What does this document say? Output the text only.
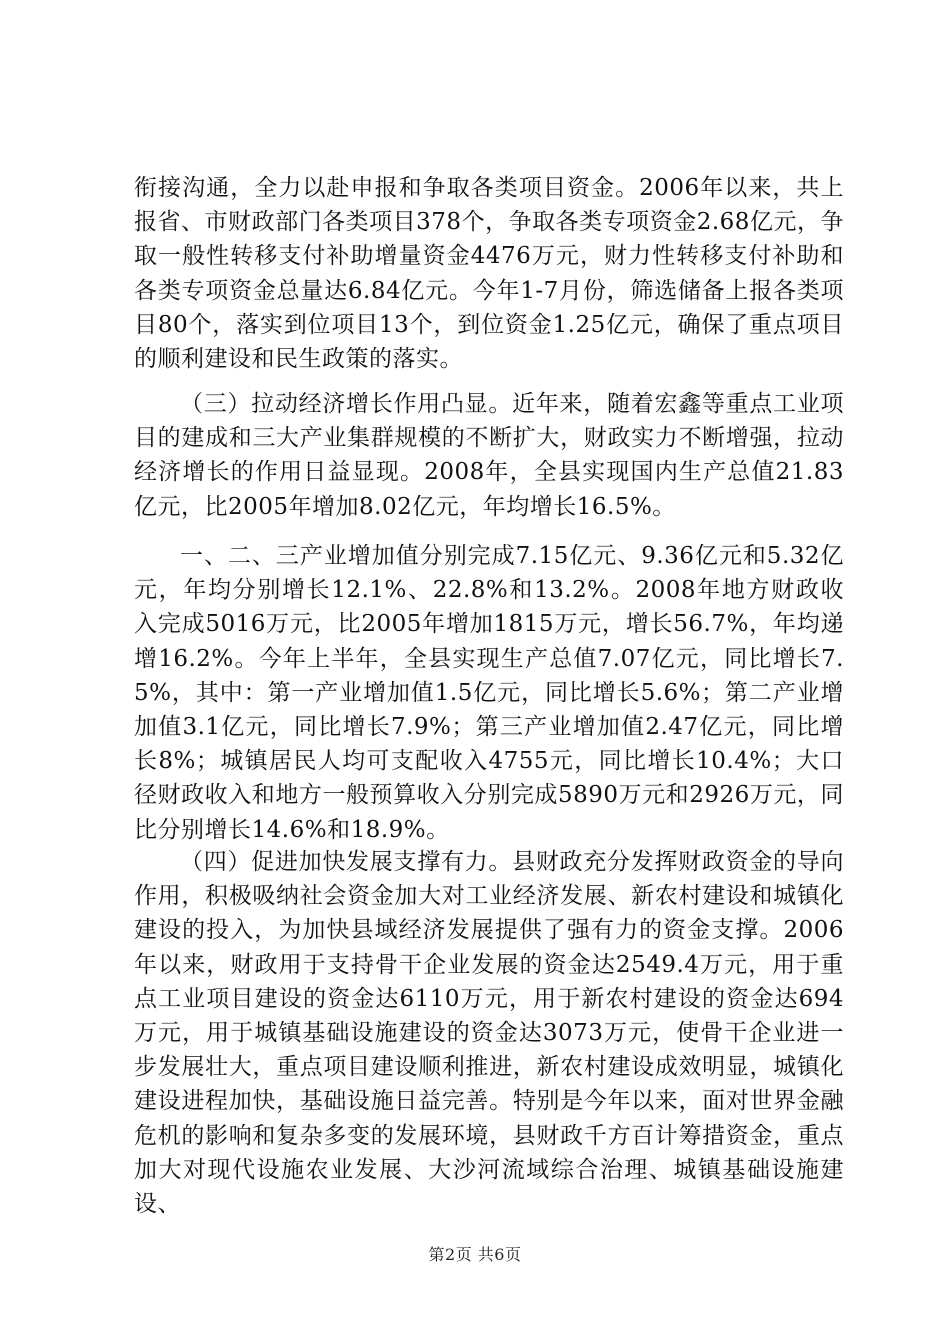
衔接沟通，全力以赴申报和争取各类项目资金。2006年以来，共上报省、市财政部门各类项目378个，争取各类专项资金2.68亿元，争取一般性转移支付补助增量资金4476万元，财力性转移支付补助和各类专项资金总量达6.84亿元。今年1-7月份，筛选储备上报各类项目80个，落实到位项目13个，到位资金1.25亿元，确保了重点项目的顺利建设和民生政策的落实。

（三）拉动经济增长作用凸显。近年来，随着宏鑫等重点工业项目的建成和三大产业集群规模的不断扩大，财政实力不断增强，拉动经济增长的作用日益显现。2008年，全县实现国内生产总值21.83亿元，比2005年增加8.02亿元，年均增长16.5%。

一、二、三产业增加值分别完成7.15亿元、9.36亿元和5.32亿元，年均分别增长12.1%、22.8%和13.2%。2008年地方财政收入完成5016万元，比2005年增加1815万元，增长56.7%，年均递增16.2%。今年上半年，全县实现生产总值7.07亿元，同比增长7.5%，其中：第一产业增加值1.5亿元，同比增长5.6%；第二产业增加值3.1亿元，同比增长7.9%；第三产业增加值2.47亿元，同比增长8%；城镇居民人均可支配收入4755元，同比增长10.4%；大口径财政收入和地方一般预算收入分别完成5890万元和2926万元，同比分别增长14.6%和18.9%。

（四）促进加快发展支撑有力。县财政充分发挥财政资金的导向作用，积极吸纳社会资金加大对工业经济发展、新农村建设和城镇化建设的投入，为加快县域经济发展提供了强有力的资金支撑。2006年以来，财政用于支持骨干企业发展的资金达2549.4万元，用于重点工业项目建设的资金达6110万元，用于新农村建设的资金达694万元，用于城镇基础设施建设的资金达3073万元，使骨干企业进一步发展壮大，重点项目建设顺利推进，新农村建设成效明显，城镇化建设进程加快，基础设施日益完善。特别是今年以来，面对世界金融危机的影响和复杂多变的发展环境，县财政千方百计筹措资金，重点加大对现代设施农业发展、大沙河流域综合治理、城镇基础设施建设、

第2页 共6页
